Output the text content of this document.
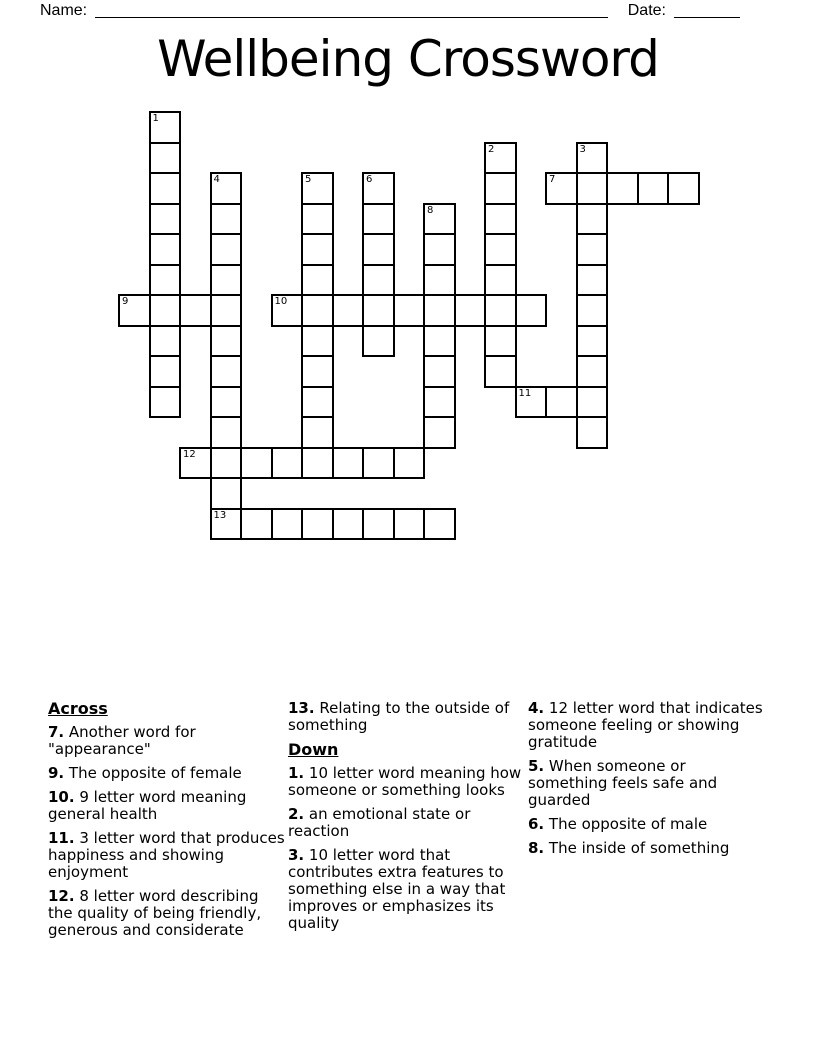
Name:	Date:
Wellbeing Crossword
1
2	3
4
13
5	6	7
8
9	10
11
12
Across
7. Another word for "appearance"
9. The opposite of female
10. 9 letter word meaning general health
11. 3 letter word that produces happiness and showing enjoyment
12. 8 letter word describing the quality of being friendly, generous and considerate
13. Relating to the outside of something
Down
1. 10 letter word meaning how someone or something looks
2. an emotional state or reaction
3. 10 letter word that contributes extra features to something else in a way that improves or emphasizes its quality
4. 12 letter word that indicates someone feeling or showing gratitude
5. When someone or something feels safe and guarded
6. The opposite of male
8. The inside of something
